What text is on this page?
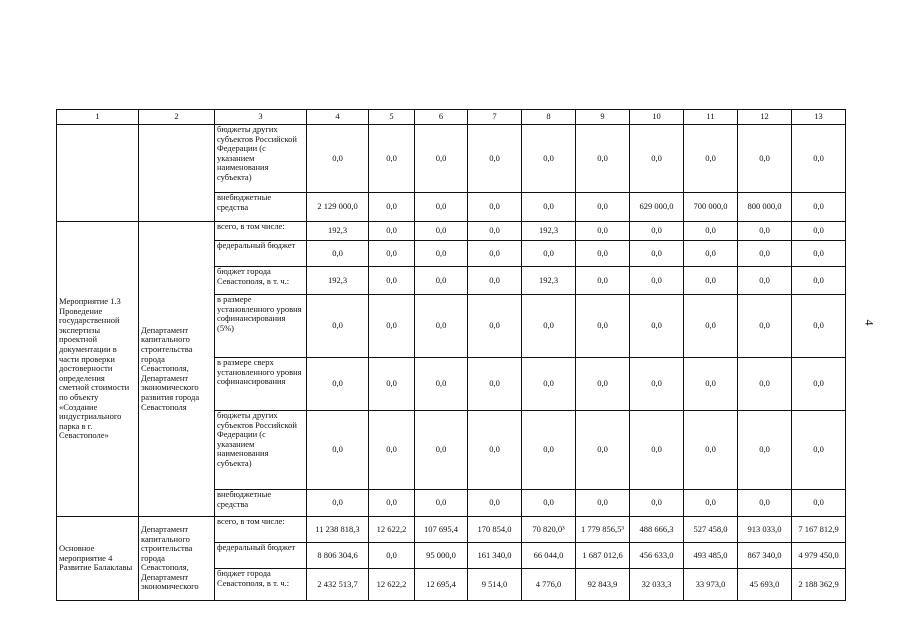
1	2	3	4	5	6	7	8	9	10	11	12	13
		бюджеты других субъектов Российской Федерации (с указанием наименования субъекта)	0,0	0,0	0,0	0,0	0,0	0,0	0,0	0,0	0,0	0,0
		внебюджетные средства	2 129 000,0	0,0	0,0	0,0	0,0	0,0	629 000,0	700 000,0	800 000,0	0,0
Мероприятие 1.3 Проведение государственной экспертизы проектной документации в части проверки достоверности определения сметной стоимости по объекту «Создание индустриального парка в г. Севастополе»	Департамент капитального строительства города Севастополя, Департамент экономического развития города Севастополя	всего, в том числе:	192,3	0,0	0,0	0,0	192,3	0,0	0,0	0,0	0,0	0,0
		федеральный бюджет	0,0	0,0	0,0	0,0	0,0	0,0	0,0	0,0	0,0	0,0
		бюджет города Севастополя, в т. ч.:	192,3	0,0	0,0	0,0	192,3	0,0	0,0	0,0	0,0	0,0
		в размере установленного уровня софинансирования (5%)	0,0	0,0	0,0	0,0	0,0	0,0	0,0	0,0	0,0	0,0
		в размере сверх установленного уровня софинансирования	0,0	0,0	0,0	0,0	0,0	0,0	0,0	0,0	0,0	0,0
		бюджеты других субъектов Российской Федерации (с указанием наименования субъекта)	0,0	0,0	0,0	0,0	0,0	0,0	0,0	0,0	0,0	0,0
		внебюджетные средства	0,0	0,0	0,0	0,0	0,0	0,0	0,0	0,0	0,0	0,0
Основное мероприятие 4 Развитие Балаклавы	Департамент капитального строительства города Севастополя, Департамент экономического	всего, в том числе:	11 238 818,3	12 622,2	107 695,4	170 854,0	70 820,0³	1 779 856,5³	488 666,3	527 458,0	913 033,0	7 167 812,9
		федеральный бюджет	8 806 304,6	0,0	95 000,0	161 340,0	66 044,0	1 687 012,6	456 633,0	493 485,0	867 340,0	4 979 450,0
		бюджет города Севастополя, в т. ч.:	2 432 513,7	12 622,2	12 695,4	9 514,0	4 776,0	92 843,9	32 033,3	33 973,0	45 693,0	2 188 362,9
4
